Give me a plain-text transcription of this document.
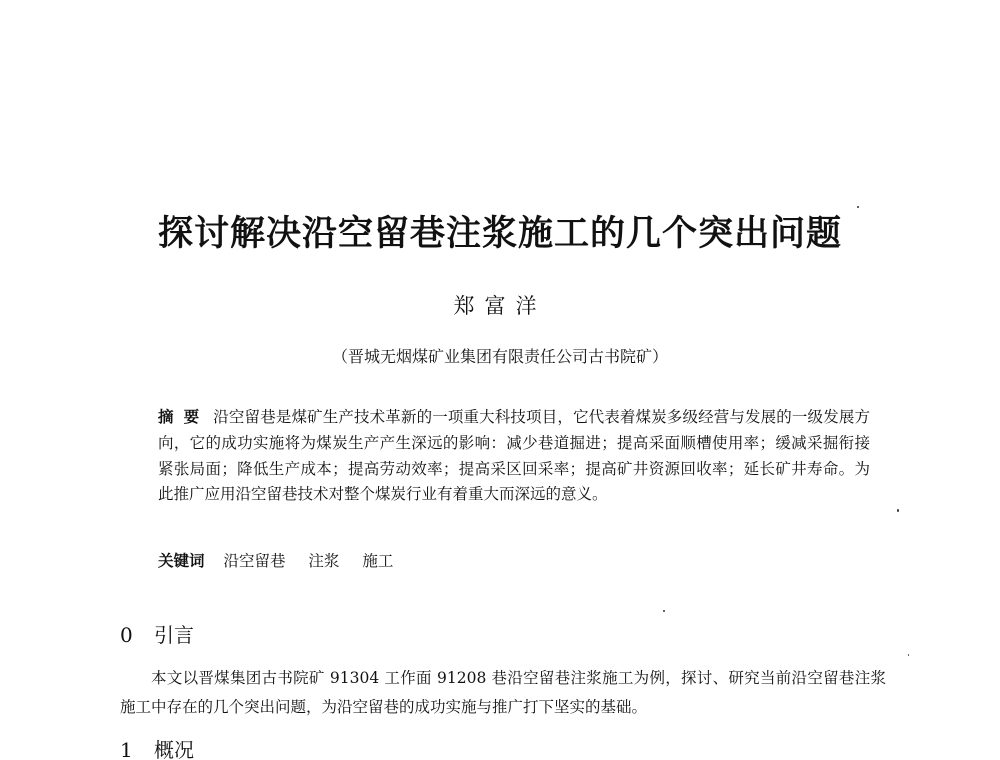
探讨解决沿空留巷注浆施工的几个突出问题
郑富洋
（晋城无烟煤矿业集团有限责任公司古书院矿）
摘要 沿空留巷是煤矿生产技术革新的一项重大科技项目，它代表着煤炭多级经营与发展的一级发展方向，它的成功实施将为煤炭生产产生深远的影响：减少巷道掘进；提高采面顺槽使用率；缓减采掘衔接紧张局面；降低生产成本；提高劳动效率；提高采区回采率；提高矿井资源回收率；延长矿井寿命。为此推广应用沿空留巷技术对整个煤炭行业有着重大而深远的意义。
关键词 沿空留巷 注浆 施工
0 引言
本文以晋煤集团古书院矿 91304 工作面 91208 巷沿空留巷注浆施工为例，探讨、研究当前沿空留巷注浆施工中存在的几个突出问题，为沿空留巷的成功实施与推广打下坚实的基础。
1 概况
